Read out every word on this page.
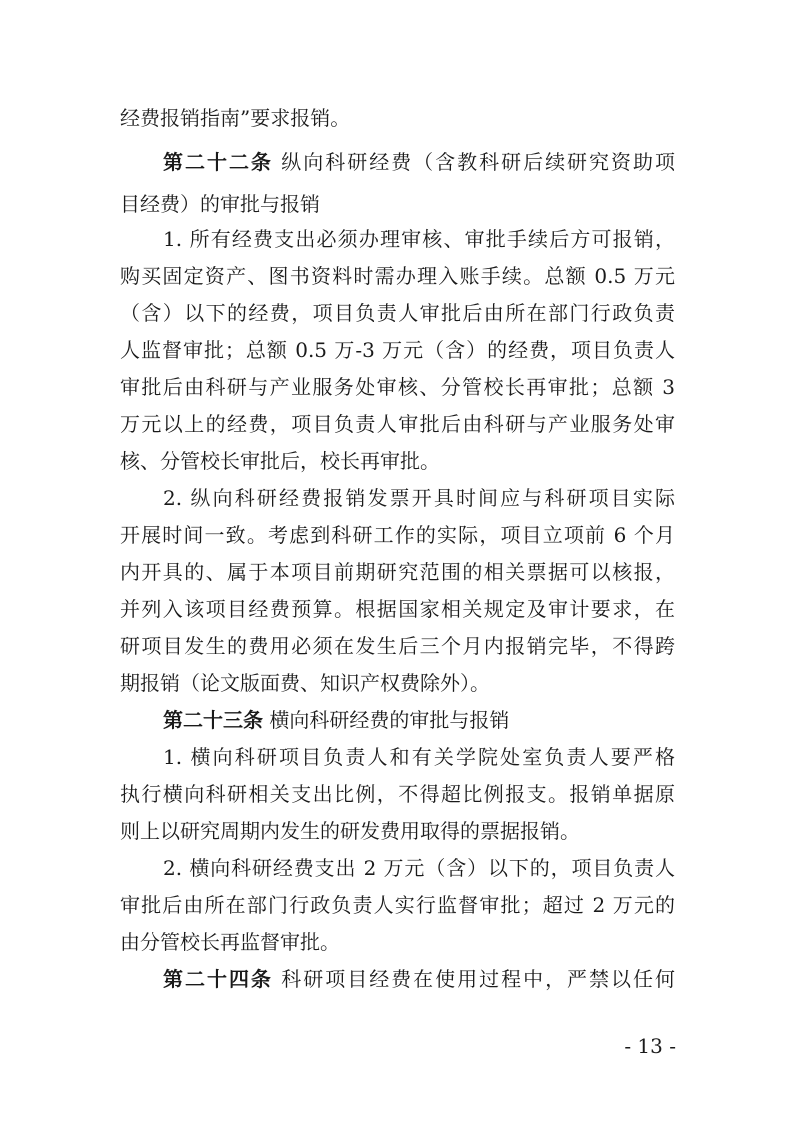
经费报销指南”要求报销。
第二十二条 纵向科研经费（含教科研后续研究资助项
目经费）的审批与报销
1. 所有经费支出必须办理审核、审批手续后方可报销，
购买固定资产、图书资料时需办理入账手续。总额 0.5 万元
（含）以下的经费，项目负责人审批后由所在部门行政负责
人监督审批；总额 0.5 万-3 万元（含）的经费，项目负责人
审批后由科研与产业服务处审核、分管校长再审批；总额 3
万元以上的经费，项目负责人审批后由科研与产业服务处审
核、分管校长审批后，校长再审批。
2. 纵向科研经费报销发票开具时间应与科研项目实际
开展时间一致。考虑到科研工作的实际，项目立项前 6 个月
内开具的、属于本项目前期研究范围的相关票据可以核报，
并列入该项目经费预算。根据国家相关规定及审计要求，在
研项目发生的费用必须在发生后三个月内报销完毕，不得跨
期报销（论文版面费、知识产权费除外）。
第二十三条 横向科研经费的审批与报销
1. 横向科研项目负责人和有关学院处室负责人要严格
执行横向科研相关支出比例，不得超比例报支。报销单据原
则上以研究周期内发生的研发费用取得的票据报销。
2. 横向科研经费支出 2 万元（含）以下的，项目负责人
审批后由所在部门行政负责人实行监督审批；超过 2 万元的
由分管校长再监督审批。
第二十四条 科研项目经费在使用过程中，严禁以任何
- 13 -
